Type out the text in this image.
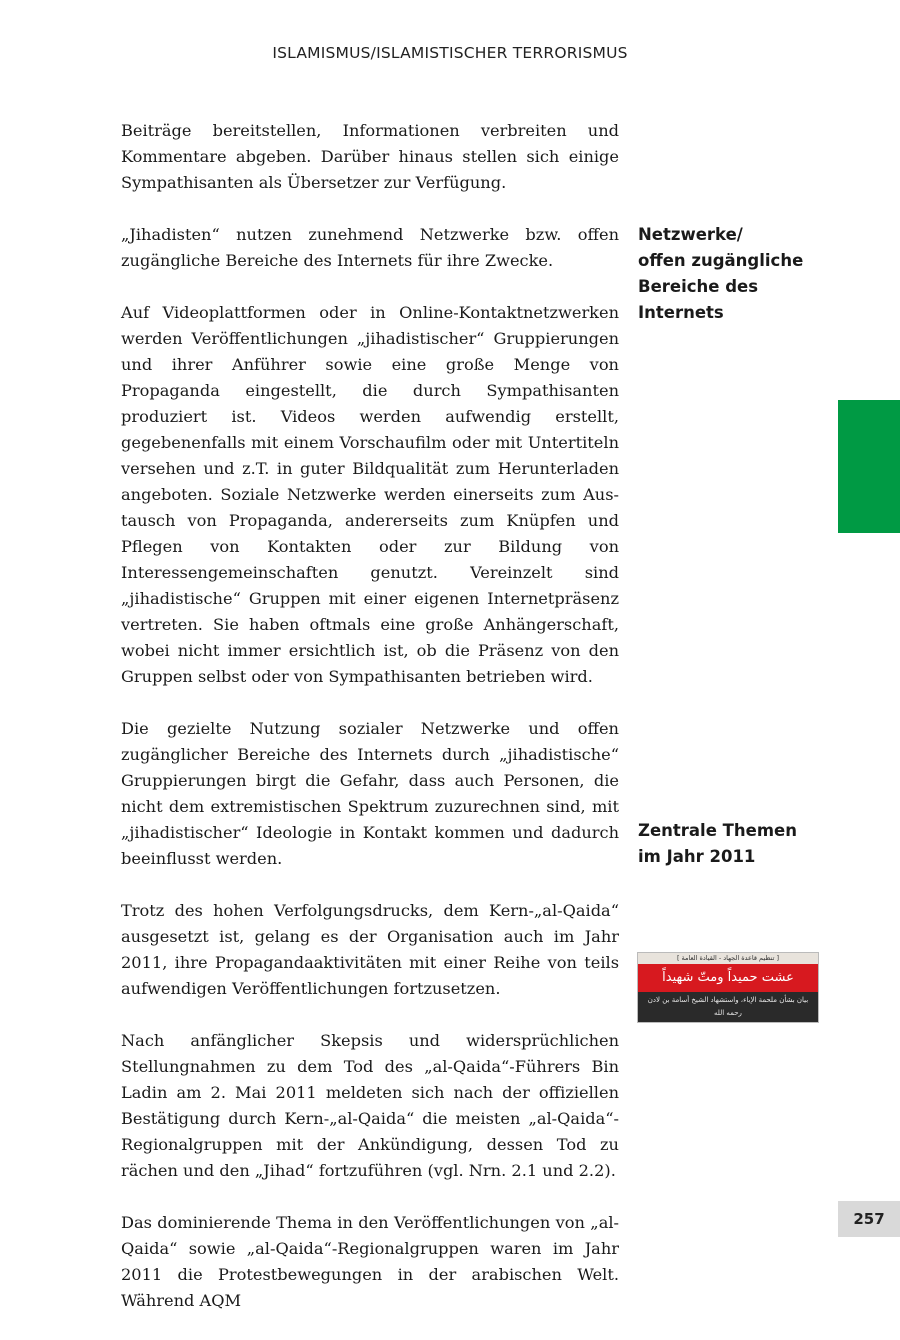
ISLAMISMUS/ISLAMISTISCHER TERRORISMUS

Beiträge bereitstellen, Informationen verbreiten und Kommentare abgeben. Darüber hinaus stellen sich einige Sympathisanten als Übersetzer zur Verfügung.

„Jihadisten“ nutzen zunehmend Netzwerke bzw. offen zugängliche Bereiche des Internets für ihre Zwecke.

Auf Videoplattformen oder in Online-Kontaktnetzwerken werden Veröffentlichungen „jihadistischer“ Gruppierungen und ihrer Anführer sowie eine große Menge von Propaganda eingestellt, die durch Sympathisanten produziert ist. Videos werden aufwendig erstellt, gegebenenfalls mit einem Vorschaufilm oder mit Untertiteln versehen und z.T. in guter Bildqualität zum Herunterladen angeboten. Soziale Netzwerke werden einerseits zum Austausch von Propaganda, andererseits zum Knüpfen und Pflegen von Kontakten oder zur Bildung von Interessengemeinschaften genutzt. Vereinzelt sind „jihadistische“ Gruppen mit einer eigenen Internetpräsenz vertreten. Sie haben oftmals eine große Anhängerschaft, wobei nicht immer ersichtlich ist, ob die Präsenz von den Gruppen selbst oder von Sympathisanten betrieben wird.

Die gezielte Nutzung sozialer Netzwerke und offen zugänglicher Bereiche des Internets durch „jihadistische“ Gruppierungen birgt die Gefahr, dass auch Personen, die nicht dem extremistischen Spektrum zuzurechnen sind, mit „jihadistischer“ Ideologie in Kontakt kommen und dadurch beeinflusst werden.

Trotz des hohen Verfolgungsdrucks, dem Kern-„al-Qaida“ ausgesetzt ist, gelang es der Organisation auch im Jahr 2011, ihre Propagandaaktivitäten mit einer Reihe von teils aufwendigen Veröffentlichungen fortzusetzen.

Nach anfänglicher Skepsis und widersprüchlichen Stellungnahmen zu dem Tod des „al-Qaida“-Führers Bin Ladin am 2. Mai 2011 meldeten sich nach der offiziellen Bestätigung durch Kern-„al-Qaida“ die meisten „al-Qaida“-Regionalgruppen mit der Ankündigung, dessen Tod zu rächen und den „Jihad“ fortzuführen (vgl. Nrn. 2.1 und 2.2).

Das dominierende Thema in den Veröffentlichungen von „al-Qaida“ sowie „al-Qaida“-Regionalgruppen waren im Jahr 2011 die Protestbewegungen in der arabischen Welt. Während AQM

Netzwerke/
offen zugängliche
Bereiche des
Internets
Zentrale Themen
im Jahr 2011
[ تنظيم قاعدة الجهاد - القيادة العامة ]
عشت حميداً ومتّ شهيداً
بيان بشأن ملحمة الإباء، واستشهاد الشيخ أسامة بن لادن
رحمه الله
257
